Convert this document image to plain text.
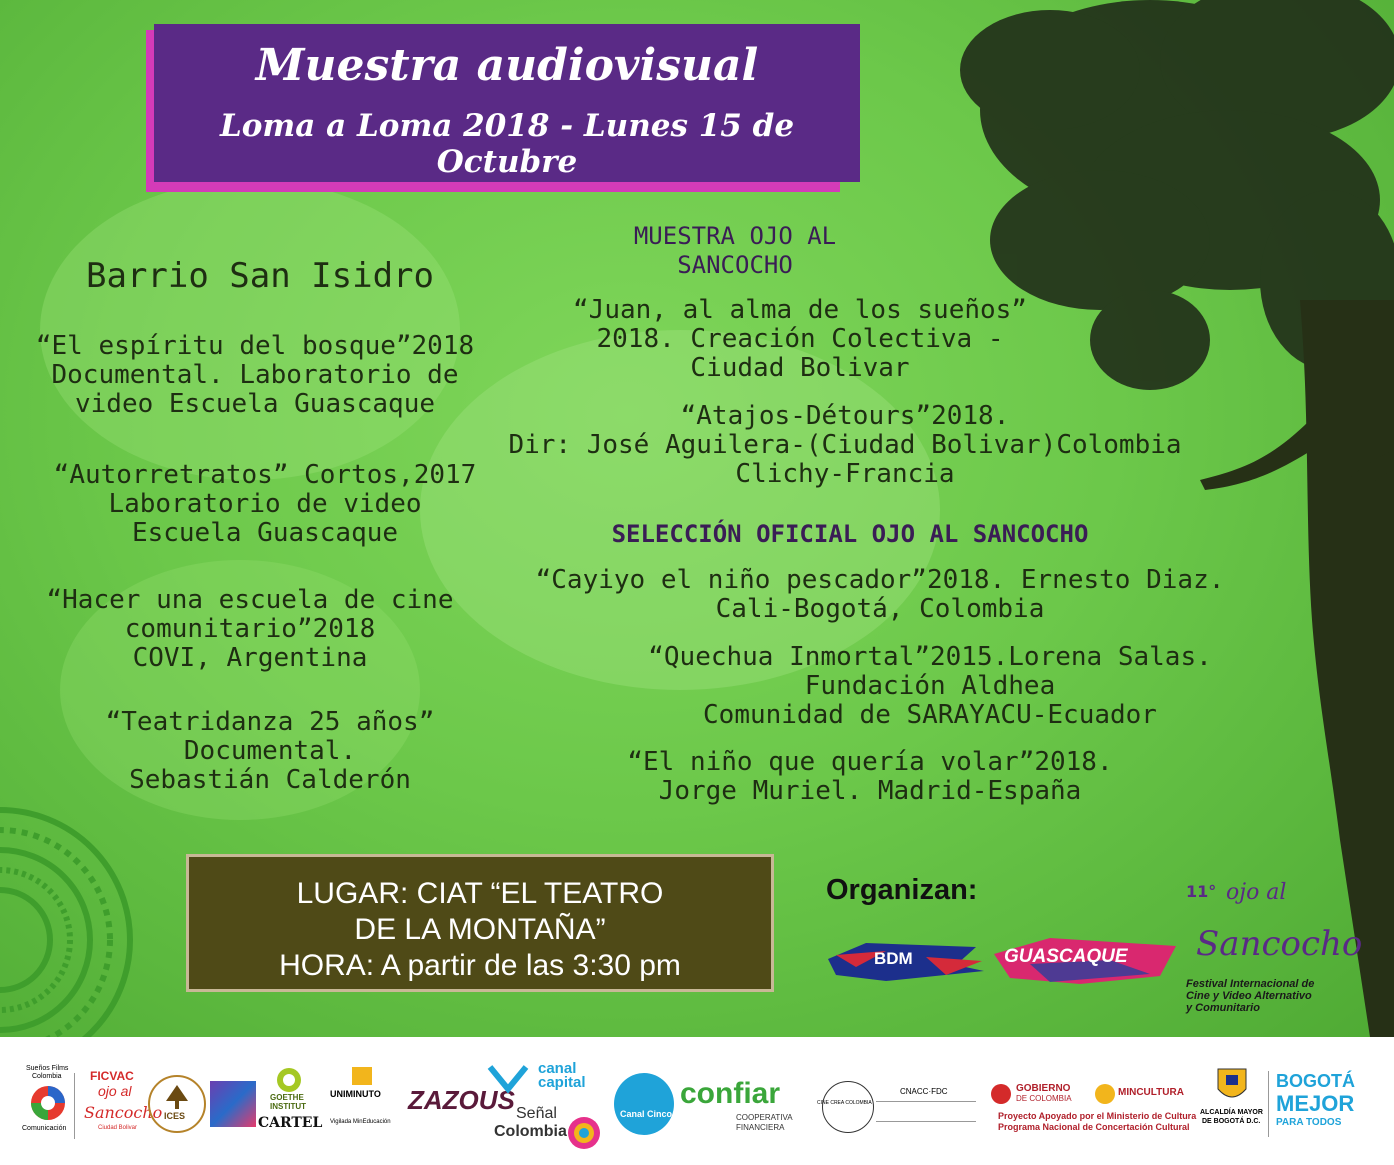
Muestra audiovisual
Loma a Loma 2018 - Lunes 15 de Octubre
Barrio San Isidro
“El espíritu del bosque”2018
Documental. Laboratorio de
video Escuela Guascaque
“Autorretratos” Cortos,2017
Laboratorio de video
Escuela Guascaque
“Hacer una escuela de cine
comunitario”2018
COVI, Argentina
“Teatridanza 25 años”
Documental.
Sebastián Calderón
MUESTRA OJO AL
SANCOCHO
“Juan, al alma de los sueños”
2018. Creación Colectiva -
Ciudad Bolivar
“Atajos-Détours”2018.
Dir: José Aguilera-(Ciudad Bolivar)Colombia
Clichy-Francia
SELECCIÓN OFICIAL OJO AL SANCOCHO
“Cayiyo el niño pescador”2018. Ernesto Diaz.
Cali-Bogotá, Colombia
“Quechua Inmortal”2015.Lorena Salas.
Fundación Aldhea
Comunidad de SARAYACU-Ecuador
“El niño que quería volar”2018.
Jorge Muriel. Madrid-España
LUGAR: CIAT “EL TEATRO
DE LA MONTAÑA”
HORA: A partir de las 3:30 pm
Organizan:
BDM	GUASCAQUE
11° ojo al
Sancocho
Festival Internacional de
Cine y Video Alternativo
y Comunitario
Sueños Films
Colombia
Comunicación
FICVAC
ojo al
Sancocho
Ciudad Bolivar
ICES
GOETHE
INSTITUT
CARTEL
UNIMINUTO
Vigilada MinEducación
ZAZOUS
canal
capital
Señal
Colombia
Canal Cinco
confiar
COOPERATIVA
FINANCIERA
CINE CREA COLOMBIA
CNACC·FDC	GOBIERNO
DE COLOMBIA
MINCULTURA
Proyecto Apoyado por el Ministerio de Cultura
Programa Nacional de Concertación Cultural
ALCALDÍA MAYOR
DE BOGOTÁ D.C.
BOGOTÁ
MEJOR
PARA TODOS
